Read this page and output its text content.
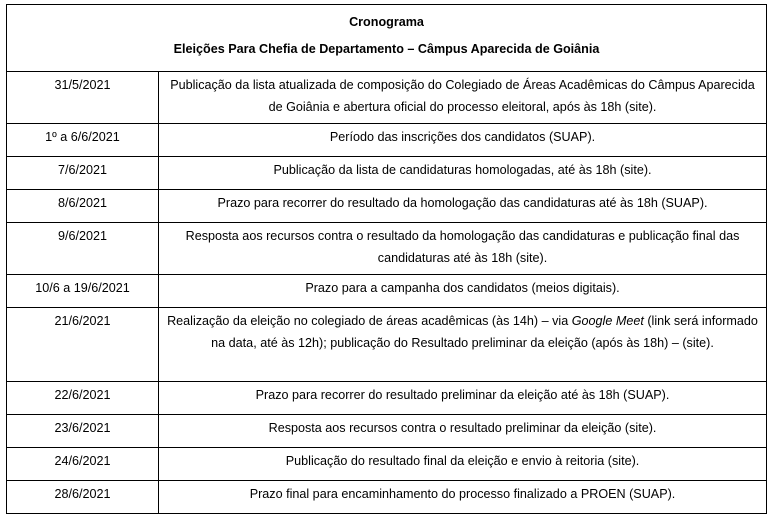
Cronograma
Eleições Para Chefia de Departamento – Câmpus Aparecida de Goiânia	

31/5/2021	Publicação da lista atualizada de composição do Colegiado de Áreas Acadêmicas do Câmpus Aparecida de Goiânia e abertura oficial do processo eleitoral, após às 18h (site).
1º a 6/6/2021	Período das inscrições dos candidatos (SUAP).
7/6/2021	Publicação da lista de candidaturas homologadas, até às 18h (site).
8/6/2021	Prazo para recorrer do resultado da homologação das candidaturas até às 18h (SUAP).
9/6/2021	Resposta aos recursos contra o resultado da homologação das candidaturas e publicação final das candidaturas até às 18h (site).
10/6 a 19/6/2021	Prazo para a campanha dos candidatos (meios digitais).
21/6/2021	Realização da eleição no colegiado de áreas acadêmicas (às 14h) – via Google Meet (link será informado na data, até às 12h); publicação do Resultado preliminar da eleição (após às 18h) – (site).
22/6/2021	Prazo para recorrer do resultado preliminar da eleição até às 18h (SUAP).
23/6/2021	Resposta aos recursos contra o resultado preliminar da eleição (site).
24/6/2021	Publicação do resultado final da eleição e envio à reitoria (site).
28/6/2021	Prazo final para encaminhamento do processo finalizado a PROEN (SUAP).
